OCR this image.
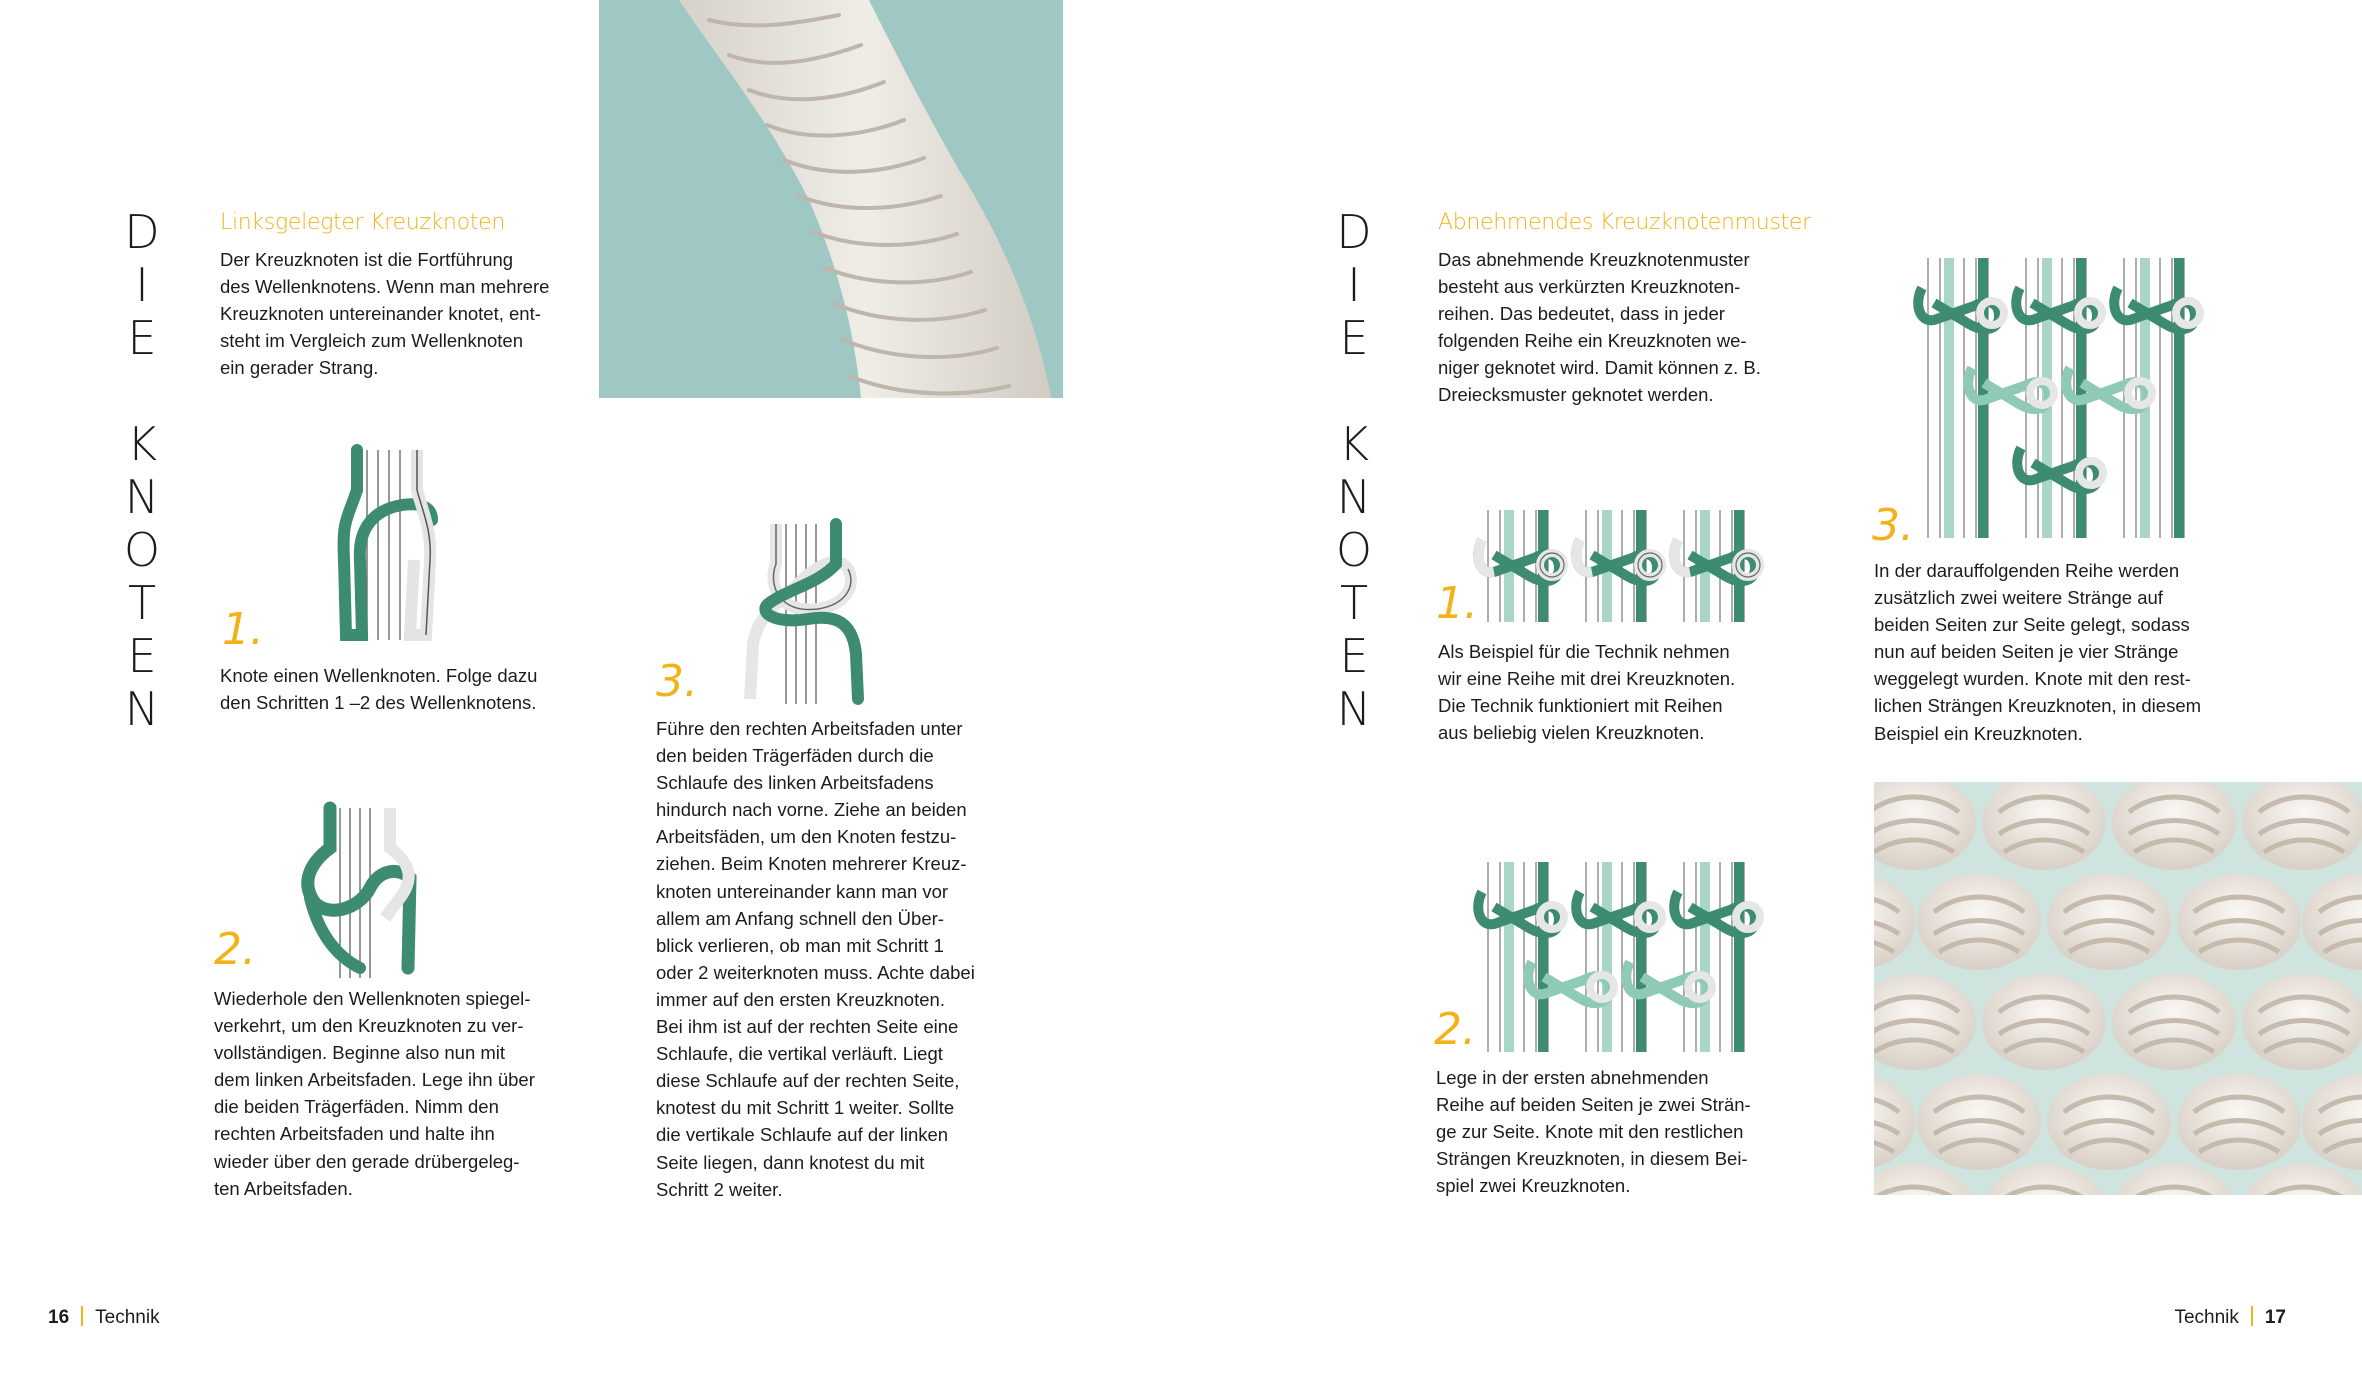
D
I
E
K
N
O
T
E
N
Linksgelegter Kreuzknoten
Der Kreuzknoten ist die Fortführung
des Wellenknotens. Wenn man mehrere
Kreuzknoten untereinander knotet, ent-
steht im Vergleich zum Wellenknoten
ein gerader Strang.
1.
Knote einen Wellenknoten. Folge dazu
den Schritten 1 –2 des Wellenknotens.
2.
Wiederhole den Wellenknoten spiegel-
verkehrt, um den Kreuzknoten zu ver-
vollständigen. Beginne also nun mit
dem linken Arbeitsfaden. Lege ihn über
die beiden Trägerfäden. Nimm den
rechten Arbeitsfaden und halte ihn
wieder über den gerade drübergeleg-
ten Arbeitsfaden.
3.
Führe den rechten Arbeitsfaden unter
den beiden Trägerfäden durch die
Schlaufe des linken Arbeitsfadens
hindurch nach vorne. Ziehe an beiden
Arbeitsfäden, um den Knoten festzu-
ziehen. Beim Knoten mehrerer Kreuz-
knoten untereinander kann man vor
allem am Anfang schnell den Über-
blick verlieren, ob man mit Schritt 1
oder 2 weiterknoten muss. Achte dabei
immer auf den ersten Kreuzknoten.
Bei ihm ist auf der rechten Seite eine
Schlaufe, die vertikal verläuft. Liegt
diese Schlaufe auf der rechten Seite,
knotest du mit Schritt 1 weiter. Sollte
die vertikale Schlaufe auf der linken
Seite liegen, dann knotest du mit
Schritt 2 weiter.
16 Technik
D
I
E
K
N
O
T
E
N
Abnehmendes Kreuzknotenmuster
Das abnehmende Kreuzknotenmuster
besteht aus verkürzten Kreuzknoten-
reihen. Das bedeutet, dass in jeder
folgenden Reihe ein Kreuzknoten we-
niger geknotet wird. Damit können z. B.
Dreiecksmuster geknotet werden.
1.
Als Beispiel für die Technik nehmen
wir eine Reihe mit drei Kreuzknoten.
Die Technik funktioniert mit Reihen
aus beliebig vielen Kreuzknoten.
2.
Lege in der ersten abnehmenden
Reihe auf beiden Seiten je zwei Strän-
ge zur Seite. Knote mit den restlichen
Strängen Kreuzknoten, in diesem Bei-
spiel zwei Kreuzknoten.
3.
In der darauffolgenden Reihe werden
zusätzlich zwei weitere Stränge auf
beiden Seiten zur Seite gelegt, sodass
nun auf beiden Seiten je vier Stränge
weggelegt wurden. Knote mit den rest-
lichen Strängen Kreuzknoten, in diesem
Beispiel ein Kreuzknoten.
Technik 17
